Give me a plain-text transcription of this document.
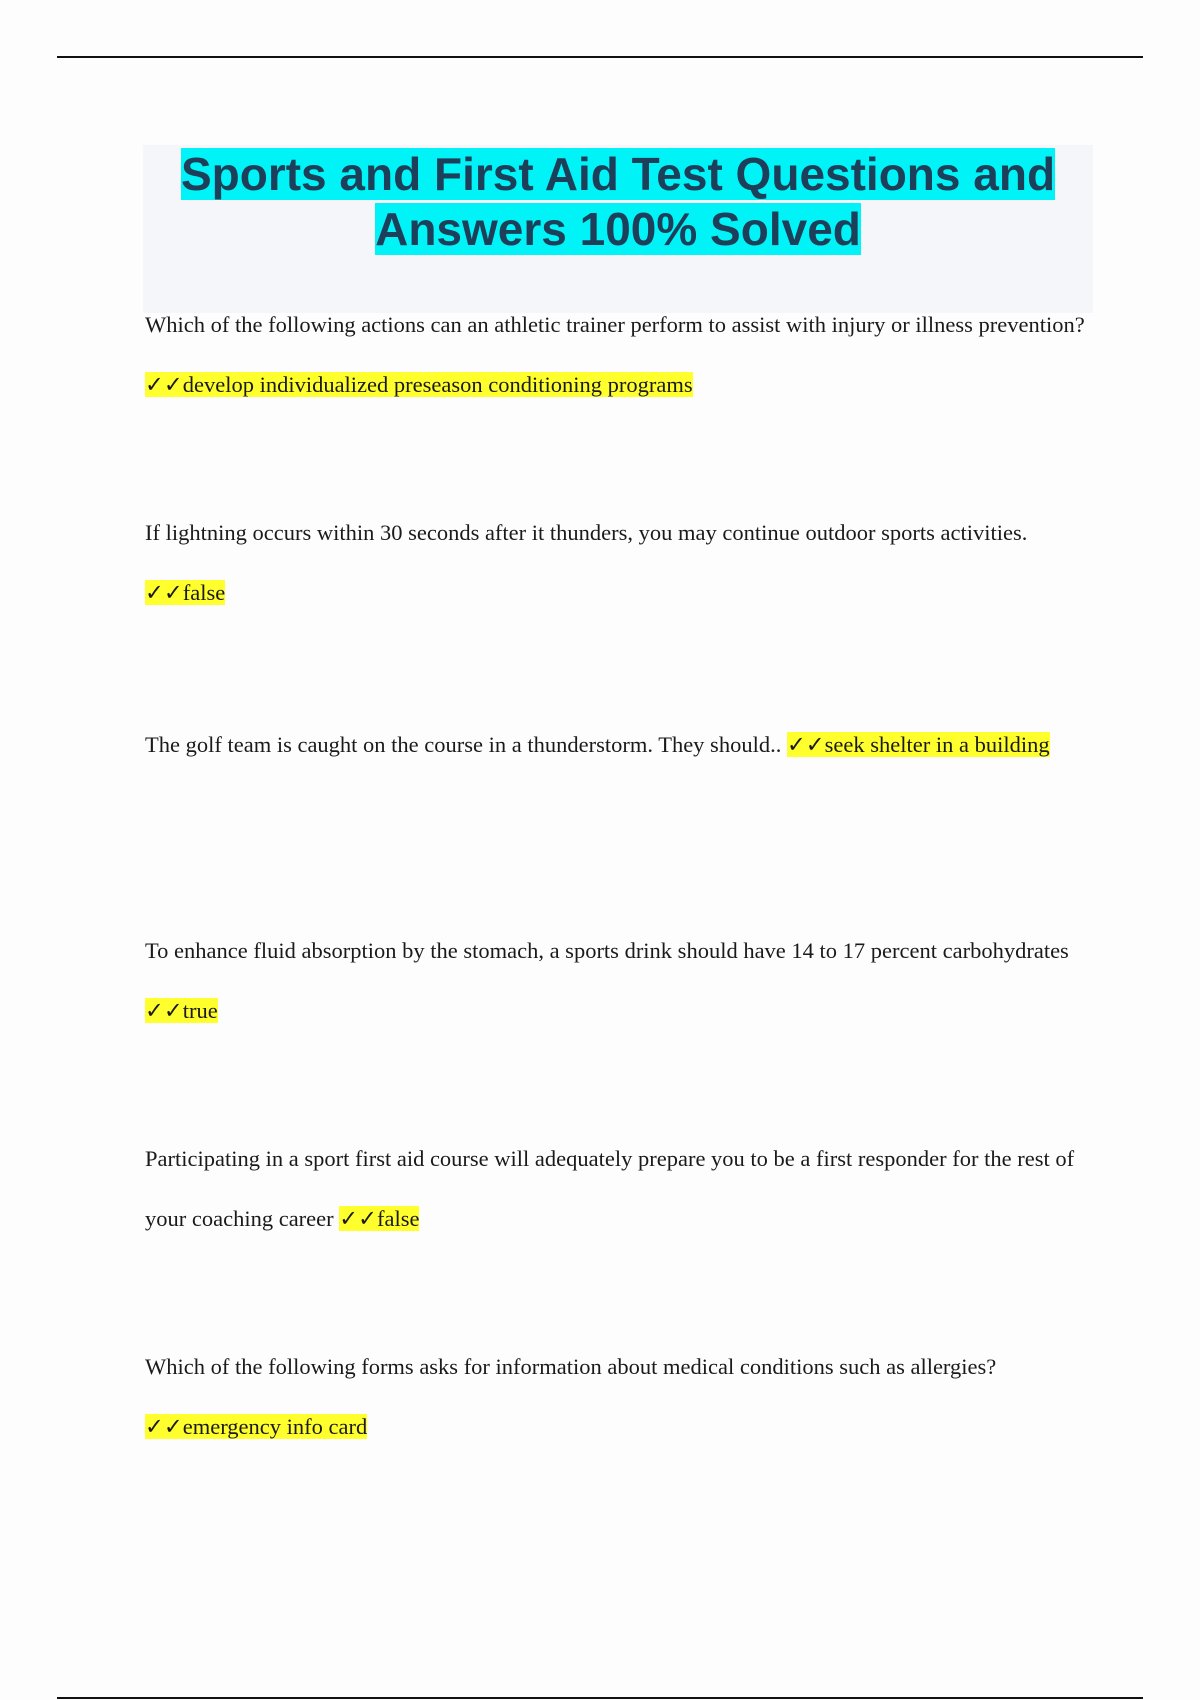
Sports and First Aid Test Questions and Answers 100% Solved

Which of the following actions can an athletic trainer perform to assist with injury or illness prevention? ✓✓develop individualized preseason conditioning programs

If lightning occurs within 30 seconds after it thunders, you may continue outdoor sports activities. ✓✓false

The golf team is caught on the course in a thunderstorm. They should.. ✓✓seek shelter in a building

To enhance fluid absorption by the stomach, a sports drink should have 14 to 17 percent carbohydrates ✓✓true

Participating in a sport first aid course will adequately prepare you to be a first responder for the rest of your coaching career ✓✓false

Which of the following forms asks for information about medical conditions such as allergies? ✓✓emergency info card
